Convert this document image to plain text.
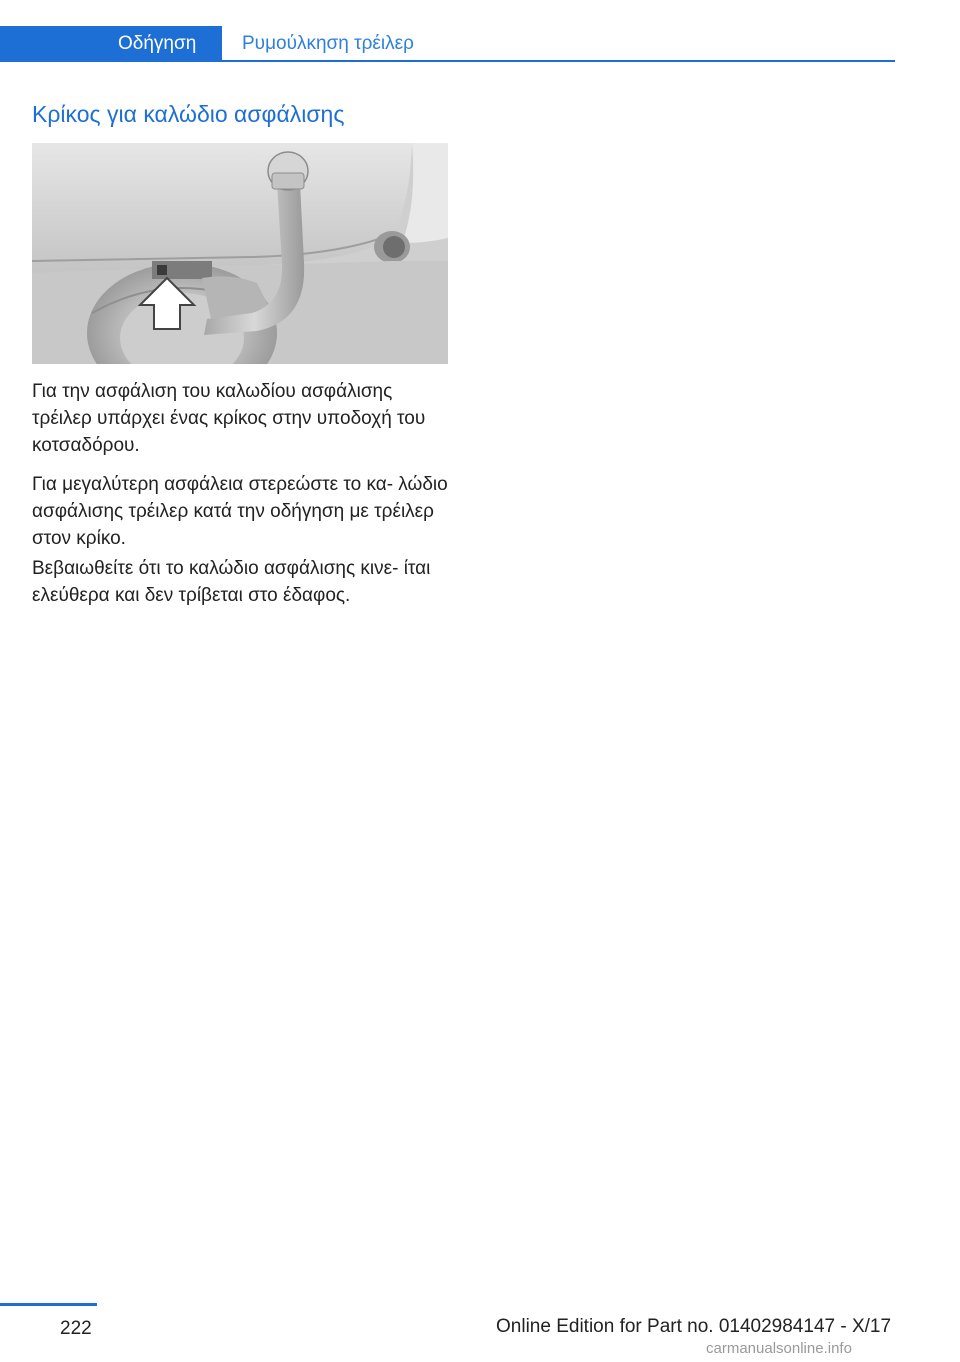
Οδήγηση	Ρυμούλκηση τρέιλερ
Κρίκος για καλώδιο ασφάλισης
Για την ασφάλιση του καλωδίου ασφάλισης τρέιλερ υπάρχει ένας κρίκος στην υποδοχή του κοτσαδόρου.
Για μεγαλύτερη ασφάλεια στερεώστε το κα‐ λώδιο ασφάλισης τρέιλερ κατά την οδήγηση με τρέιλερ στον κρίκο.
Βεβαιωθείτε ότι το καλώδιο ασφάλισης κινε‐ ίται ελεύθερα και δεν τρίβεται στο έδαφος.
222	Online Edition for Part no. 01402984147 - X/17
carmanualsonline.info
